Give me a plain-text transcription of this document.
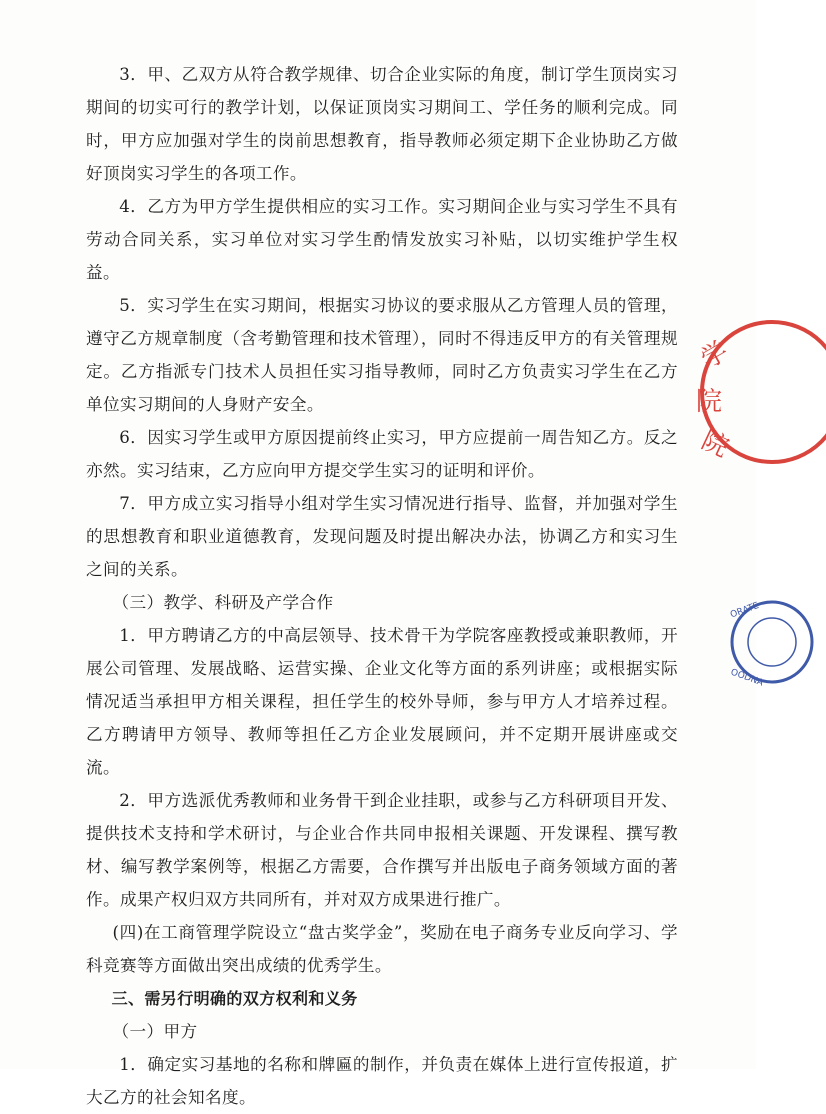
3．甲、乙双方从符合教学规律、切合企业实际的角度，制订学生顶岗实习期间的切实可行的教学计划，以保证顶岗实习期间工、学任务的顺利完成。同时，甲方应加强对学生的岗前思想教育，指导教师必须定期下企业协助乙方做好顶岗实习学生的各项工作。

4．乙方为甲方学生提供相应的实习工作。实习期间企业与实习学生不具有劳动合同关系，实习单位对实习学生酌情发放实习补贴，以切实维护学生权益。

5．实习学生在实习期间，根据实习协议的要求服从乙方管理人员的管理，遵守乙方规章制度（含考勤管理和技术管理），同时不得违反甲方的有关管理规定。乙方指派专门技术人员担任实习指导教师，同时乙方负责实习学生在乙方单位实习期间的人身财产安全。

6．因实习学生或甲方原因提前终止实习，甲方应提前一周告知乙方。反之亦然。实习结束，乙方应向甲方提交学生实习的证明和评价。

7．甲方成立实习指导小组对学生实习情况进行指导、监督，并加强对学生的思想教育和职业道德教育，发现问题及时提出解决办法，协调乙方和实习生之间的关系。

（三）教学、科研及产学合作

1．甲方聘请乙方的中高层领导、技术骨干为学院客座教授或兼职教师，开展公司管理、发展战略、运营实操、企业文化等方面的系列讲座；或根据实际情况适当承担甲方相关课程，担任学生的校外导师，参与甲方人才培养过程。乙方聘请甲方领导、教师等担任乙方企业发展顾问，并不定期开展讲座或交流。

2．甲方选派优秀教师和业务骨干到企业挂职，或参与乙方科研项目开发、提供技术支持和学术研讨，与企业合作共同申报相关课题、开发课程、撰写教材、编写教学案例等，根据乙方需要，合作撰写并出版电子商务领域方面的著作。成果产权归双方共同所有，并对双方成果进行推广。

(四)在工商管理学院设立“盘古奖学金”，奖励在电子商务专业反向学习、学科竞赛等方面做出突出成绩的优秀学生。

三、需另行明确的双方权利和义务

（一）甲方

1．确定实习基地的名称和牌匾的制作，并负责在媒体上进行宣传报道，扩大乙方的社会知名度。

学
院
院
ORATE
OODNA
